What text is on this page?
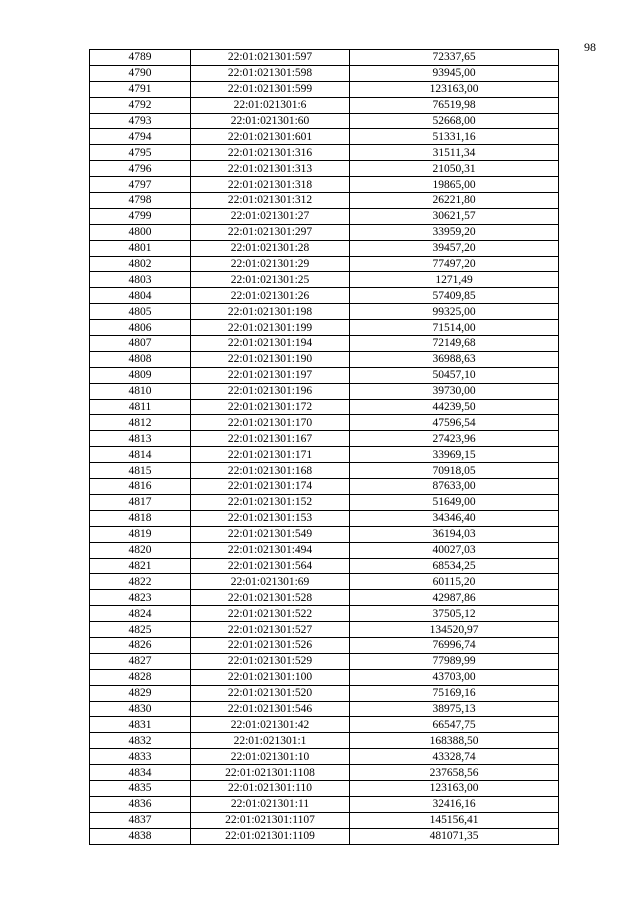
98
4789	22:01:021301:597	72337,65
4790	22:01:021301:598	93945,00
4791	22:01:021301:599	123163,00
4792	22:01:021301:6	76519,98
4793	22:01:021301:60	52668,00
4794	22:01:021301:601	51331,16
4795	22:01:021301:316	31511,34
4796	22:01:021301:313	21050,31
4797	22:01:021301:318	19865,00
4798	22:01:021301:312	26221,80
4799	22:01:021301:27	30621,57
4800	22:01:021301:297	33959,20
4801	22:01:021301:28	39457,20
4802	22:01:021301:29	77497,20
4803	22:01:021301:25	1271,49
4804	22:01:021301:26	57409,85
4805	22:01:021301:198	99325,00
4806	22:01:021301:199	71514,00
4807	22:01:021301:194	72149,68
4808	22:01:021301:190	36988,63
4809	22:01:021301:197	50457,10
4810	22:01:021301:196	39730,00
4811	22:01:021301:172	44239,50
4812	22:01:021301:170	47596,54
4813	22:01:021301:167	27423,96
4814	22:01:021301:171	33969,15
4815	22:01:021301:168	70918,05
4816	22:01:021301:174	87633,00
4817	22:01:021301:152	51649,00
4818	22:01:021301:153	34346,40
4819	22:01:021301:549	36194,03
4820	22:01:021301:494	40027,03
4821	22:01:021301:564	68534,25
4822	22:01:021301:69	60115,20
4823	22:01:021301:528	42987,86
4824	22:01:021301:522	37505,12
4825	22:01:021301:527	134520,97
4826	22:01:021301:526	76996,74
4827	22:01:021301:529	77989,99
4828	22:01:021301:100	43703,00
4829	22:01:021301:520	75169,16
4830	22:01:021301:546	38975,13
4831	22:01:021301:42	66547,75
4832	22:01:021301:1	168388,50
4833	22:01:021301:10	43328,74
4834	22:01:021301:1108	237658,56
4835	22:01:021301:110	123163,00
4836	22:01:021301:11	32416,16
4837	22:01:021301:1107	145156,41
4838	22:01:021301:1109	481071,35
